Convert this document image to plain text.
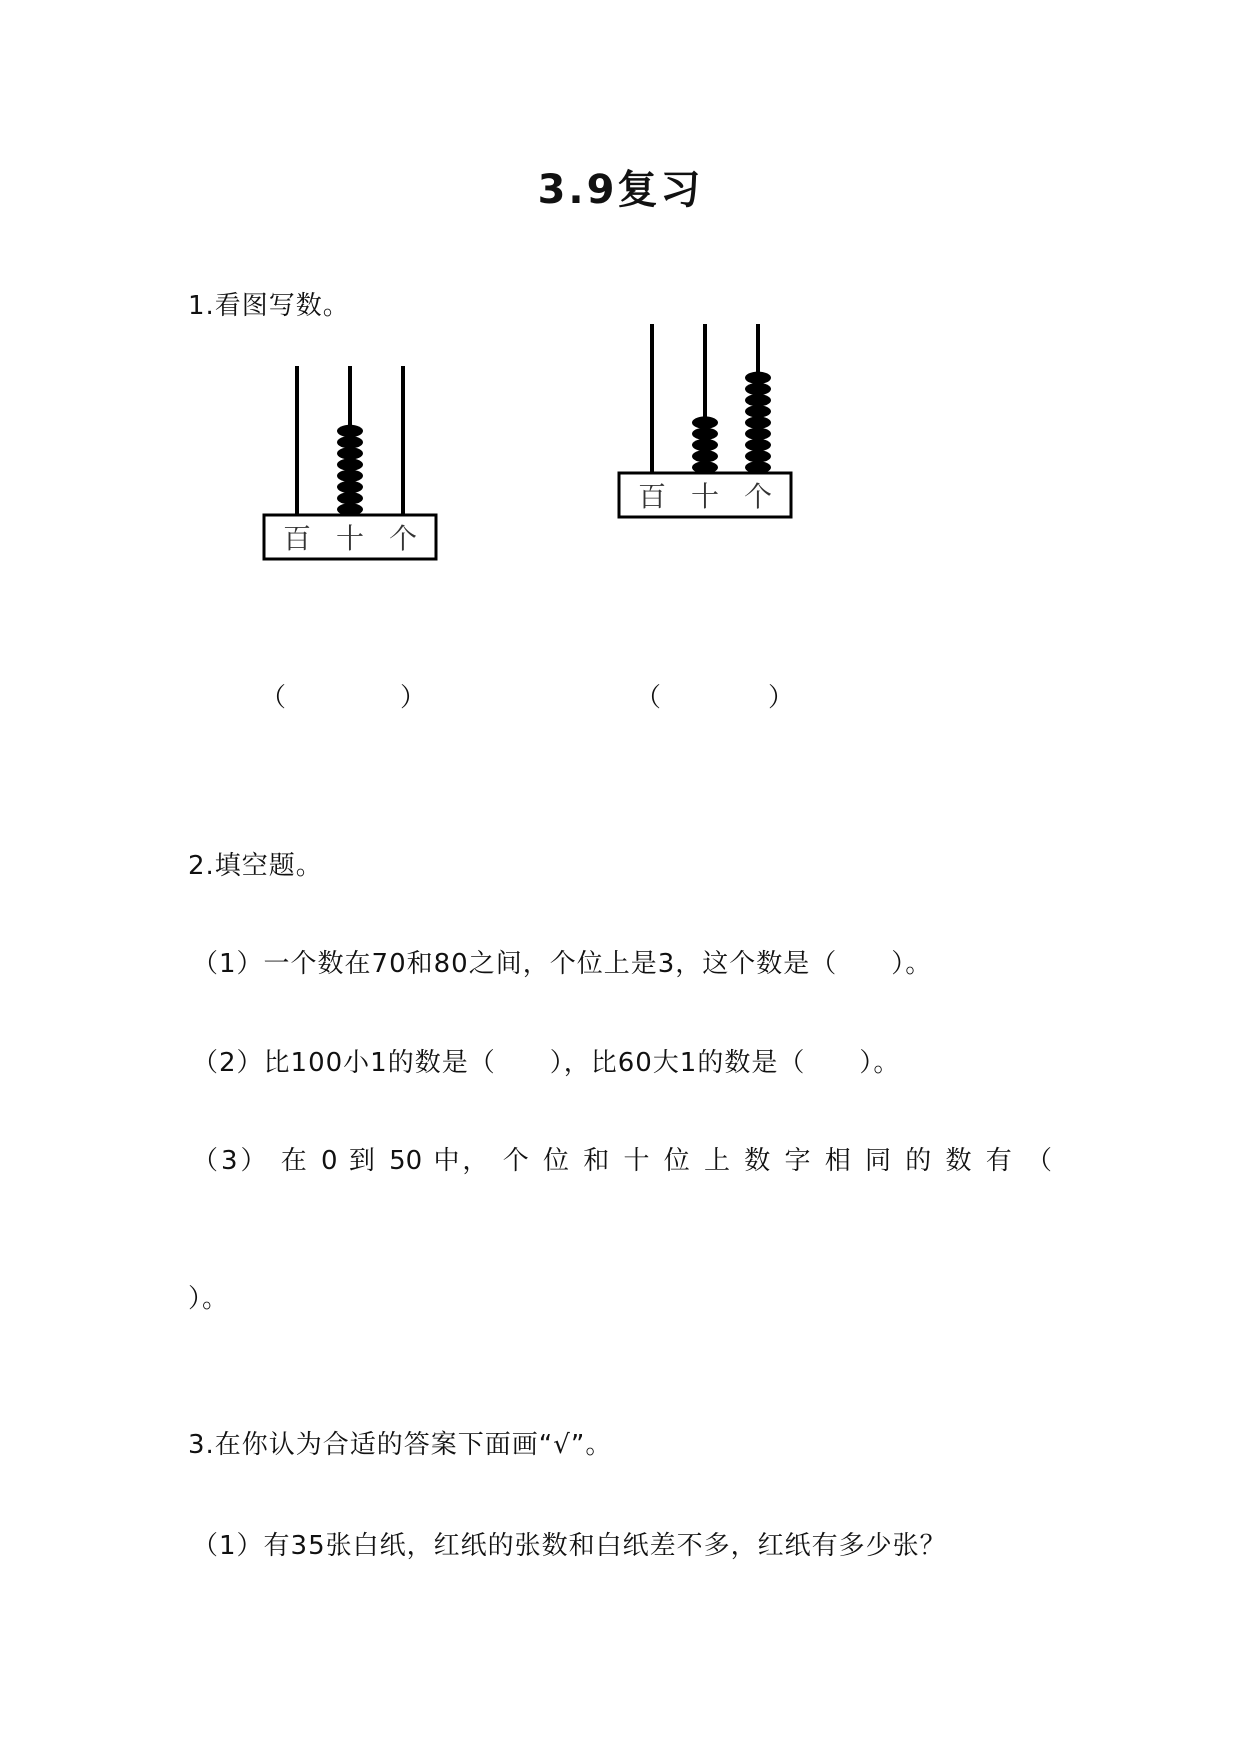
3.9复习
1.看图写数。
百 十 个
百 十 个
（	）	（	）
2.填空题。
（1）一个数在70和80之间，个位上是3，这个数是（　　）。
（2）比100小1的数是（　　），比60大1的数是（　　）。
（3） 在 0 到 50 中， 个 位 和 十 位 上 数 字 相 同 的 数 有 （
）。
3.在你认为合适的答案下面画“√”。
（1）有35张白纸，红纸的张数和白纸差不多，红纸有多少张？
